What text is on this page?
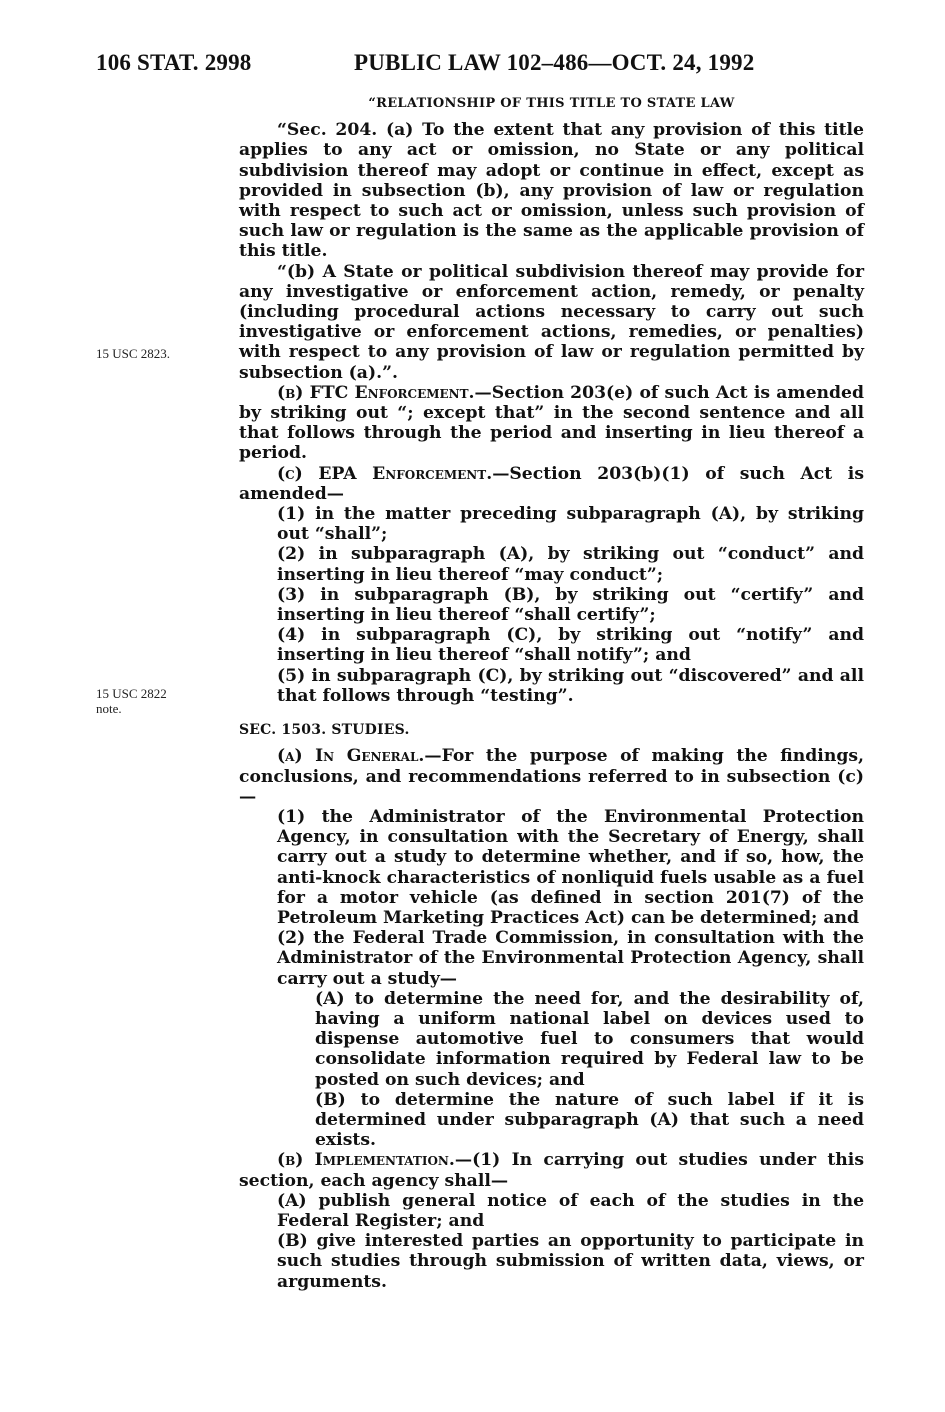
106 STAT. 2998	PUBLIC LAW 102–486—OCT. 24, 1992
15 USC 2823.
15 USC 2822
note.

“RELATIONSHIP OF THIS TITLE TO STATE LAW

“Sec. 204. (a) To the extent that any provision of this title applies to any act or omission, no State or any political subdivision thereof may adopt or continue in effect, except as provided in subsection (b), any provision of law or regulation with respect to such act or omission, unless such provision of such law or regulation is the same as the applicable provision of this title.

“(b) A State or political subdivision thereof may provide for any investigative or enforcement action, remedy, or penalty (including procedural actions necessary to carry out such investigative or enforcement actions, remedies, or penalties) with respect to any provision of law or regulation permitted by subsection (a).”.

(b) FTC Enforcement.—Section 203(e) of such Act is amended by striking out “; except that” in the second sentence and all that follows through the period and inserting in lieu thereof a period.

(c) EPA Enforcement.—Section 203(b)(1) of such Act is amended—

(1) in the matter preceding subparagraph (A), by striking out “shall”;

(2) in subparagraph (A), by striking out “conduct” and inserting in lieu thereof “may conduct”;

(3) in subparagraph (B), by striking out “certify” and inserting in lieu thereof “shall certify”;

(4) in subparagraph (C), by striking out “notify” and inserting in lieu thereof “shall notify”; and

(5) in subparagraph (C), by striking out “discovered” and all that follows through “testing”.

SEC. 1503. STUDIES.

(a) In General.—For the purpose of making the findings, conclusions, and recommendations referred to in subsection (c)—

(1) the Administrator of the Environmental Protection Agency, in consultation with the Secretary of Energy, shall carry out a study to determine whether, and if so, how, the anti-knock characteristics of nonliquid fuels usable as a fuel for a motor vehicle (as defined in section 201(7) of the Petroleum Marketing Practices Act) can be determined; and

(2) the Federal Trade Commission, in consultation with the Administrator of the Environmental Protection Agency, shall carry out a study—

(A) to determine the need for, and the desirability of, having a uniform national label on devices used to dispense automotive fuel to consumers that would consolidate information required by Federal law to be posted on such devices; and

(B) to determine the nature of such label if it is determined under subparagraph (A) that such a need exists.

(b) Implementation.—(1) In carrying out studies under this section, each agency shall—

(A) publish general notice of each of the studies in the Federal Register; and

(B) give interested parties an opportunity to participate in such studies through submission of written data, views, or arguments.
